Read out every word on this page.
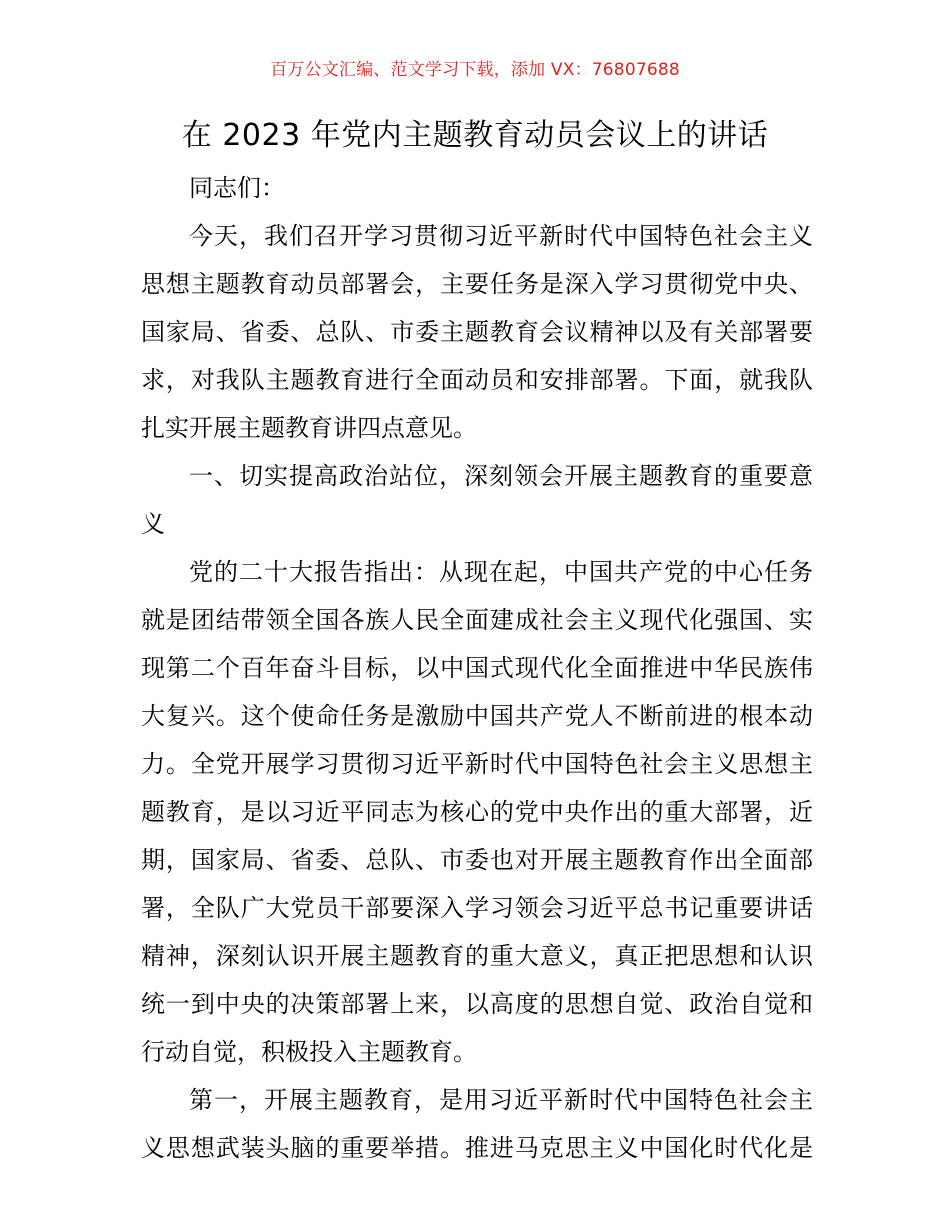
百万公文汇编、范文学习下载，添加 VX：76807688
在 2023 年党内主题教育动员会议上的讲话
同志们：
今天，我们召开学习贯彻习近平新时代中国特色社会主义
思想主题教育动员部署会，主要任务是深入学习贯彻党中央、
国家局、省委、总队、市委主题教育会议精神以及有关部署要
求，对我队主题教育进行全面动员和安排部署。下面，就我队
扎实开展主题教育讲四点意见。
一、切实提高政治站位，深刻领会开展主题教育的重要意
义
党的二十大报告指出：从现在起，中国共产党的中心任务
就是团结带领全国各族人民全面建成社会主义现代化强国、实
现第二个百年奋斗目标，以中国式现代化全面推进中华民族伟
大复兴。这个使命任务是激励中国共产党人不断前进的根本动
力。全党开展学习贯彻习近平新时代中国特色社会主义思想主
题教育，是以习近平同志为核心的党中央作出的重大部署，近
期，国家局、省委、总队、市委也对开展主题教育作出全面部
署，全队广大党员干部要深入学习领会习近平总书记重要讲话
精神，深刻认识开展主题教育的重大意义，真正把思想和认识
统一到中央的决策部署上来，以高度的思想自觉、政治自觉和
行动自觉，积极投入主题教育。
第一，开展主题教育，是用习近平新时代中国特色社会主
义思想武装头脑的重要举措。推进马克思主义中国化时代化是
